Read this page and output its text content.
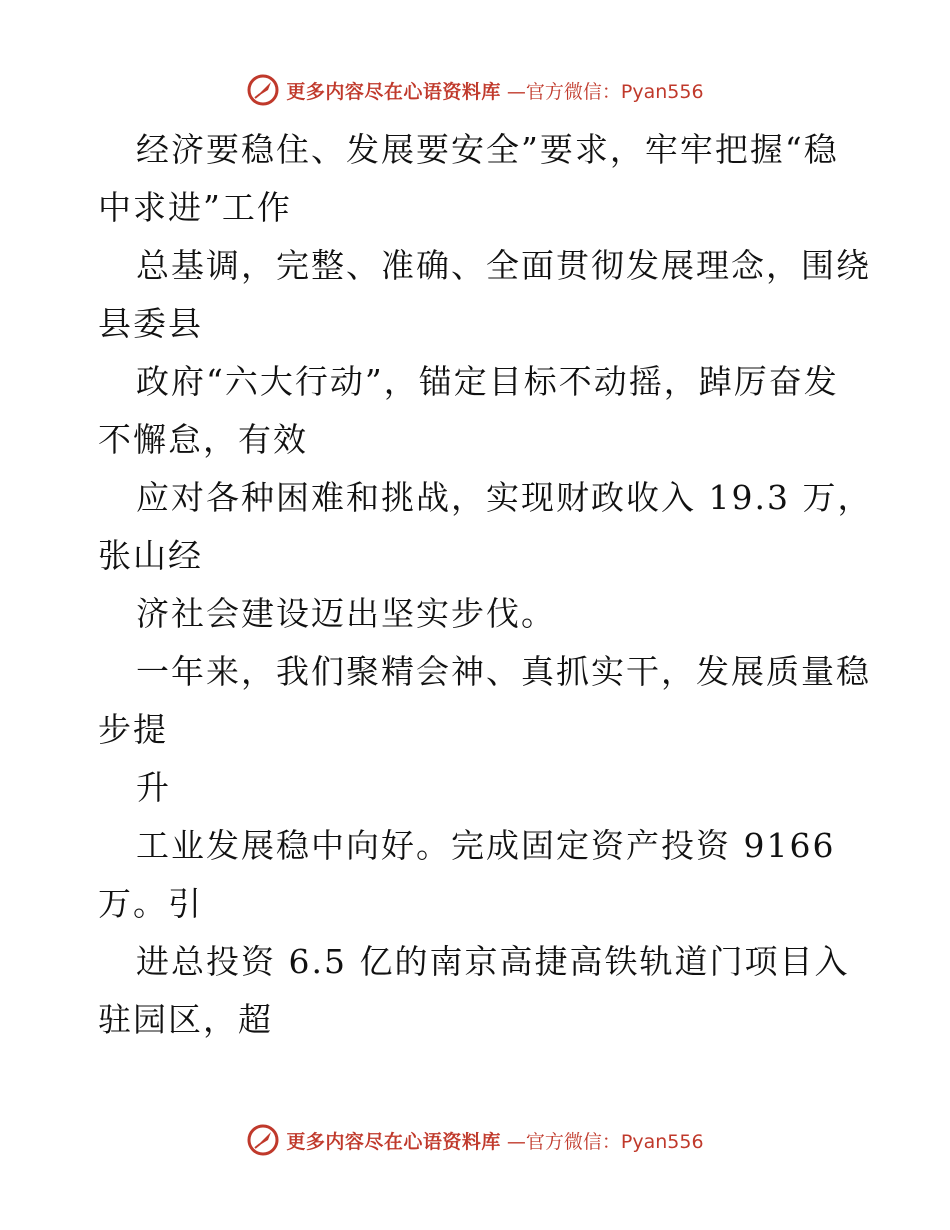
更多内容尽在心语资料库 —官方微信：Pyan556
经济要稳住、发展要安全”要求，牢牢把握“稳
中求进”工作
总基调，完整、准确、全面贯彻发展理念，围绕
县委县
政府“六大行动”，锚定目标不动摇，踔厉奋发
不懈怠，有效
应对各种困难和挑战，实现财政收入 19.3 万，
张山经
济社会建设迈出坚实步伐。
一年来，我们聚精会神、真抓实干，发展质量稳
步提
升
工业发展稳中向好。完成固定资产投资 9166
万。引
进总投资 6.5 亿的南京高捷高铁轨道门项目入
驻园区，超
更多内容尽在心语资料库 —官方微信：Pyan556
